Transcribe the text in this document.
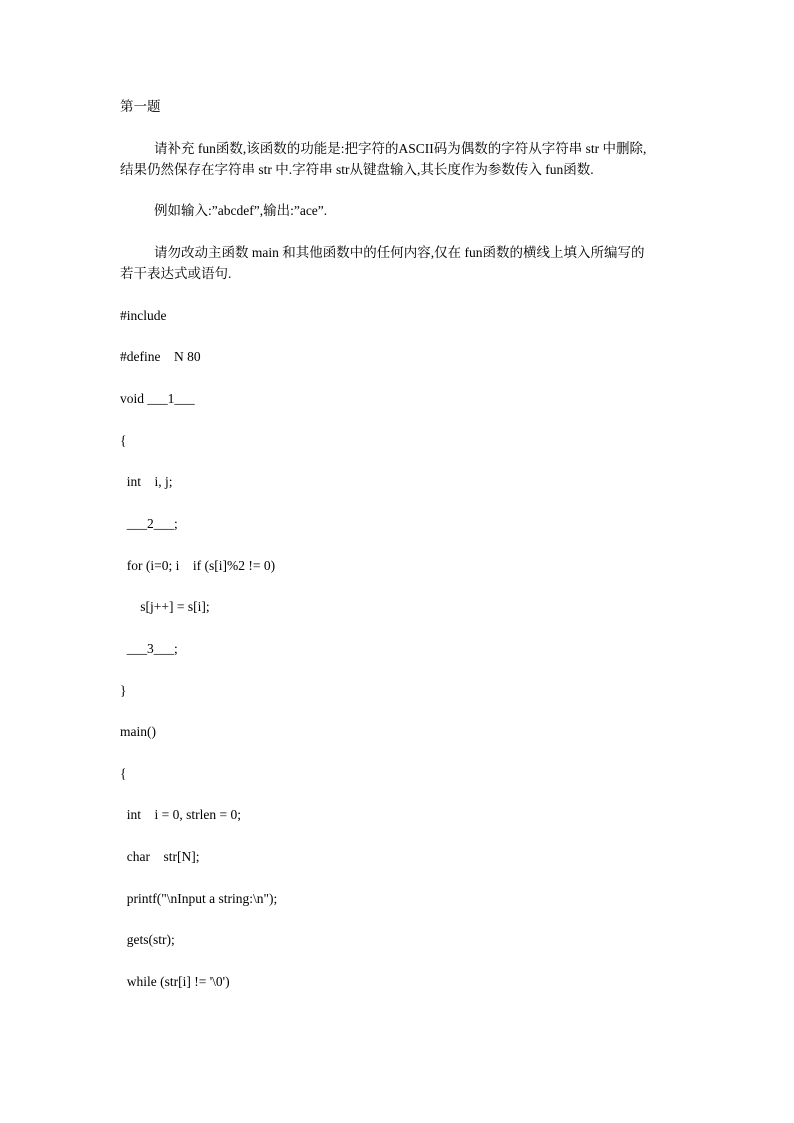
第一题
请补充 fun函数,该函数的功能是:把字符的ASCII码为偶数的字符从字符串 str 中删除,
结果仍然保存在字符串 str 中.字符串 str从键盘输入,其长度作为参数传入 fun函数.
例如输入:”abcdef”,输出:”ace”.
请勿改动主函数 main 和其他函数中的任何内容,仅在 fun函数的横线上填入所编写的
若干表达式或语句.
#include
#define    N 80
void ___1___
{
int    i, j;
___2___;
for (i=0; i    if (s[i]%2 != 0)
s[j++] = s[i];
___3___;
}
main()
{
int    i = 0, strlen = 0;
char    str[N];
printf("\nInput a string:\n");
gets(str);
while (str[i] != '\0')
